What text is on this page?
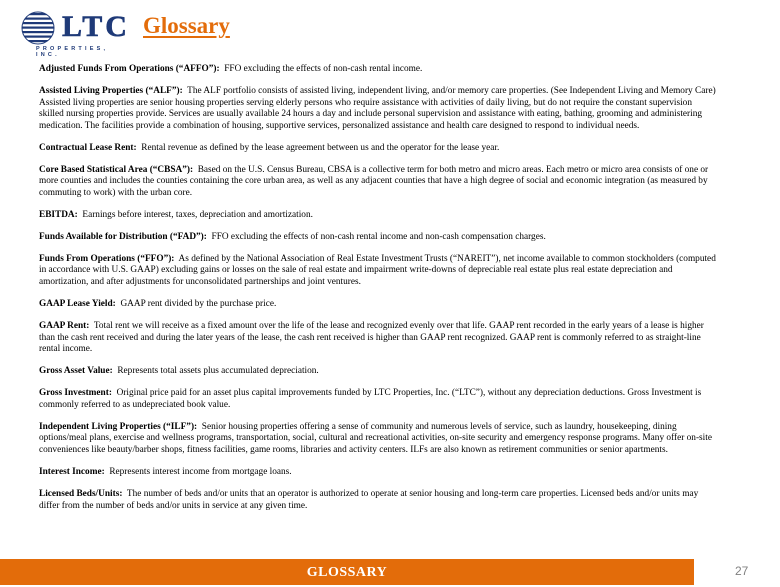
LTC
PROPERTIES, INC.
Glossary
Adjusted Funds From Operations (“AFFO”): FFO excluding the effects of non-cash rental income.
Assisted Living Properties (“ALF”): The ALF portfolio consists of assisted living, independent living, and/or memory care properties. (See Independent Living and Memory Care) Assisted living properties are senior housing properties serving elderly persons who require assistance with activities of daily living, but do not require the constant supervision skilled nursing properties provide. Services are usually available 24 hours a day and include personal supervision and assistance with eating, bathing, grooming and administering medication. The facilities provide a combination of housing, supportive services, personalized assistance and health care designed to respond to individual needs.
Contractual Lease Rent: Rental revenue as defined by the lease agreement between us and the operator for the lease year.
Core Based Statistical Area (“CBSA”): Based on the U.S. Census Bureau, CBSA is a collective term for both metro and micro areas. Each metro or micro area consists of one or more counties and includes the counties containing the core urban area, as well as any adjacent counties that have a high degree of social and economic integration (as measured by commuting to work) with the urban core.
EBITDA: Earnings before interest, taxes, depreciation and amortization.
Funds Available for Distribution (“FAD”): FFO excluding the effects of non-cash rental income and non-cash compensation charges.
Funds From Operations (“FFO”): As defined by the National Association of Real Estate Investment Trusts (“NAREIT”), net income available to common stockholders (computed in accordance with U.S. GAAP) excluding gains or losses on the sale of real estate and impairment write-downs of depreciable real estate plus real estate depreciation and amortization, and after adjustments for unconsolidated partnerships and joint ventures.
GAAP Lease Yield: GAAP rent divided by the purchase price.
GAAP Rent: Total rent we will receive as a fixed amount over the life of the lease and recognized evenly over that life. GAAP rent recorded in the early years of a lease is higher than the cash rent received and during the later years of the lease, the cash rent received is higher than GAAP rent recognized. GAAP rent is commonly referred to as straight-line rental income.
Gross Asset Value: Represents total assets plus accumulated depreciation.
Gross Investment: Original price paid for an asset plus capital improvements funded by LTC Properties, Inc. (“LTC”), without any depreciation deductions. Gross Investment is commonly referred to as undepreciated book value.
Independent Living Properties (“ILF”): Senior housing properties offering a sense of community and numerous levels of service, such as laundry, housekeeping, dining options/meal plans, exercise and wellness programs, transportation, social, cultural and recreational activities, on-site security and emergency response programs. Many offer on-site conveniences like beauty/barber shops, fitness facilities, game rooms, libraries and activity centers. ILFs are also known as retirement communities or senior apartments.
Interest Income: Represents interest income from mortgage loans.
Licensed Beds/Units: The number of beds and/or units that an operator is authorized to operate at senior housing and long-term care properties. Licensed beds and/or units may differ from the number of beds and/or units in service at any given time.
GLOSSARY	27
